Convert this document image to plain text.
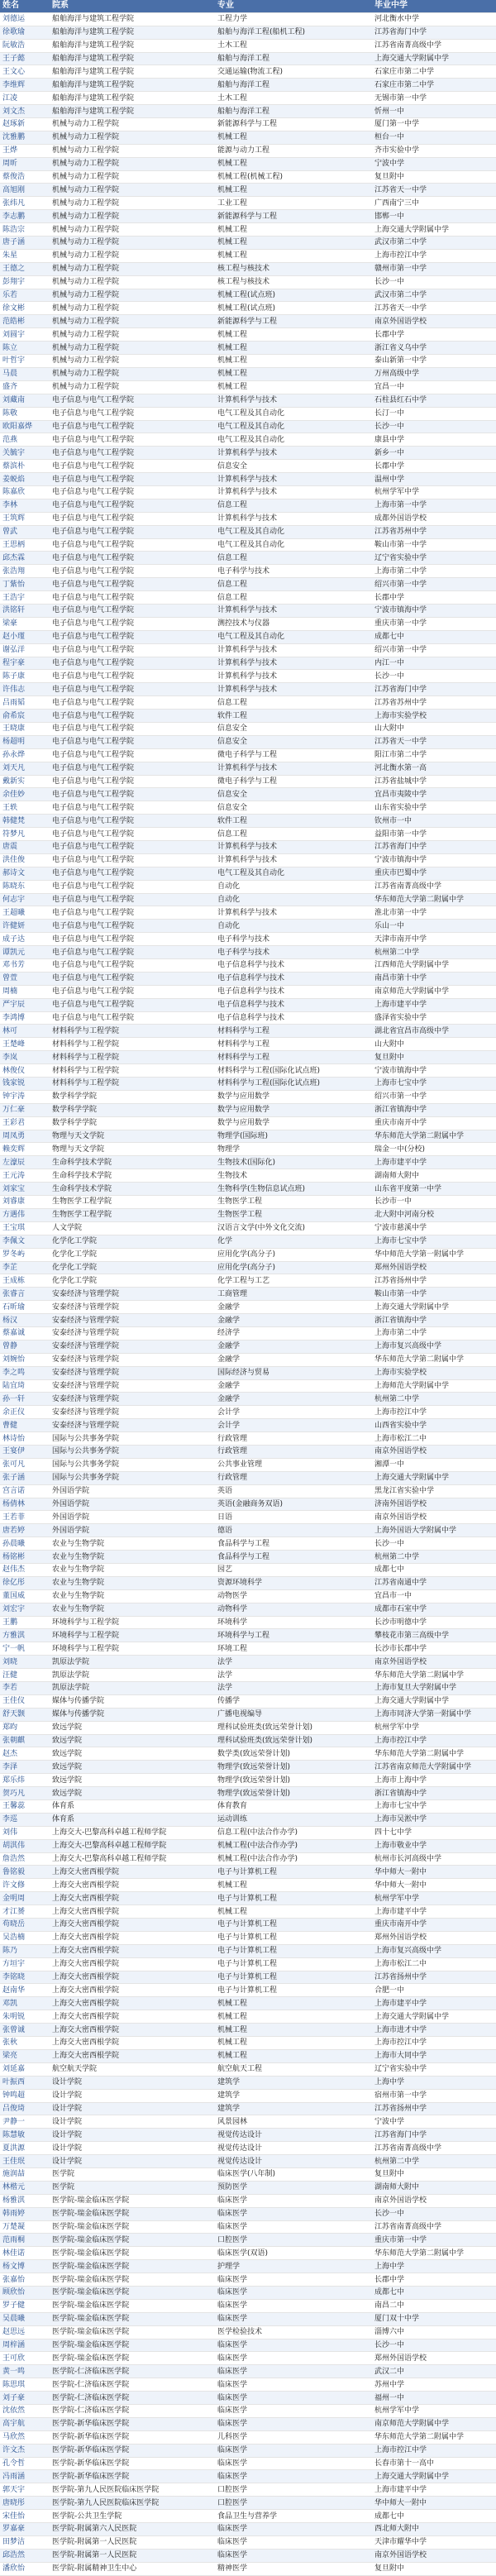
姓名	院系	专业	毕业中学
刘德运	船舶海洋与建筑工程学院	工程力学	河北衡水中学
徐歌瑜	船舶海洋与建筑工程学院	船舶与海洋工程(船机工程)	江苏省海门中学
阮敏浩	船舶海洋与建筑工程学院	土木工程	江苏省南菁高级中学
王子懿	船舶海洋与建筑工程学院	船舶与海洋工程	上海交通大学附属中学
王文心	船舶海洋与建筑工程学院	交通运输(物流工程)	石家庄市第二中学
李维辉	船舶海洋与建筑工程学院	船舶与海洋工程	石家庄市第二中学
江凌	船舶海洋与建筑工程学院	土木工程	无锡市第一中学
刘文杰	船舶海洋与建筑工程学院	船舶与海洋工程	忻州一中
赵琢新	机械与动力工程学院	新能源科学与工程	厦门第一中学
沈雅鹏	机械与动力工程学院	机械工程	桓台一中
王烨	机械与动力工程学院	能源与动力工程	齐市实验中学
周昕	机械与动力工程学院	机械工程	宁波中学
蔡俊浩	机械与动力工程学院	机械工程(机械工程)	复旦附中
高旭刚	机械与动力工程学院	机械工程	江苏省天一中学
张纬凡	机械与动力工程学院	工业工程	广西南宁三中
李志鹏	机械与动力工程学院	新能源科学与工程	邯郸一中
陈浩宗	机械与动力工程学院	机械工程	上海交通大学附属中学
唐子涵	机械与动力工程学院	机械工程	武汉市第二中学
朱星	机械与动力工程学院	机械工程	上海市控江中学
王德之	机械与动力工程学院	核工程与核技术	赣州市第一中学
彭翔宇	机械与动力工程学院	核工程与核技术	长沙一中
乐若	机械与动力工程学院	机械工程(试点班)	武汉市第二中学
徐文彬	机械与动力工程学院	机械工程(试点班)	江苏省天一中学
范皓彬	机械与动力工程学院	新能源科学与工程	南京外国语学校
刘圆宇	机械与动力工程学院	机械工程	长郡中学
陈立	机械与动力工程学院	机械工程	浙江省义乌中学
叶哲宇	机械与动力工程学院	机械工程	泰山新第一中学
马晨	机械与动力工程学院	机械工程	万州高级中学
盛齐	机械与动力工程学院	机械工程	宜昌一中
刘藏南	电子信息与电气工程学院	计算机科学与技术	石柱县红石中学
陈敬	电子信息与电气工程学院	电气工程及其自动化	长汀一中
欧阳嘉烨	电子信息与电气工程学院	电气工程及其自动化	长沙一中
范燕	电子信息与电气工程学院	电气工程及其自动化	康县中学
关毓宇	电子信息与电气工程学院	计算机科学与技术	新乡一中
蔡滨朴	电子信息与电气工程学院	信息安全	长郡中学
姜蜕焰	电子信息与电气工程学院	计算机科学与技术	温州中学
陈嘉欣	电子信息与电气工程学院	计算机科学与技术	杭州学军中学
李林	电子信息与电气工程学院	信息工程	上海市第一中学
王筑辉	电子信息与电气工程学院	计算机科学与技术	成都外国语学校
曾武	电子信息与电气工程学院	电气工程及其自动化	江苏省苏州中学
王思柄	电子信息与电气工程学院	电气工程及其自动化	鞍山市第一中学
邱杰霖	电子信息与电气工程学院	信息工程	辽宁省实验中学
张浩翔	电子信息与电气工程学院	电子科学与技术	上海市第二中学
丁紫怡	电子信息与电气工程学院	信息工程	绍兴市第一中学
王浩宇	电子信息与电气工程学院	信息工程	长郡中学
洪铭轩	电子信息与电气工程学院	计算机科学与技术	宁波市镇海中学
梁豪	电子信息与电气工程学院	测控技术与仪器	重庆市第一中学
赵小瑾	电子信息与电气工程学院	电气工程及其自动化	成都七中
谢弘洋	电子信息与电气工程学院	计算机科学与技术	绍兴市第一中学
程宇豪	电子信息与电气工程学院	计算机科学与技术	内江一中
陈子康	电子信息与电气工程学院	计算机科学与技术	长沙一中
许伟志	电子信息与电气工程学院	计算机科学与技术	江苏省海门中学
吕雨韬	电子信息与电气工程学院	信息工程	江苏省苏州中学
俞希宸	电子信息与电气工程学院	软件工程	上海市实验学校
王晓康	电子信息与电气工程学院	信息安全	山大附中
杨超明	电子信息与电气工程学院	信息安全	江苏省天一中学
孙永烨	电子信息与电气工程学院	微电子科学与工程	阳江市第二中学
刘天凡	电子信息与电气工程学院	计算机科学与技术	河北衡水第一高
戴新实	电子信息与电气工程学院	微电子科学与工程	江苏省盐城中学
余佳妙	电子信息与电气工程学院	信息安全	宜昌市夷陵中学
王轶	电子信息与电气工程学院	信息安全	山东省实验中学
韩健梵	电子信息与电气工程学院	软件工程	钦州市一中
符梦凡	电子信息与电气工程学院	信息工程	益阳市第一中学
唐震	电子信息与电气工程学院	计算机科学与技术	江苏省海门中学
洪佳俊	电子信息与电气工程学院	计算机科学与技术	宁波市镇海中学
郝诗文	电子信息与电气工程学院	电气工程及其自动化	重庆市巴蜀中学
陈晓东	电子信息与电气工程学院	自动化	江苏省南菁高级中学
何志宇	电子信息与电气工程学院	自动化	华东师范大学第二附属中学
王超曦	电子信息与电气工程学院	计算机科学与技术	淮北市第一中学
许健妍	电子信息与电气工程学院	自动化	乐山一中
成子达	电子信息与电气工程学院	电子科学与技术	天津市南开中学
谭凯元	电子信息与电气工程学院	电子科学与技术	杭州第二中学
邓书芳	电子信息与电气工程学院	电子信息科学与技术	江西师范大学附属中学
曾萱	电子信息与电气工程学院	电子信息科学与技术	南昌市第十中学
周楠	电子信息与电气工程学院	电子信息科学与技术	南京师范大学附属中学
严宇辰	电子信息与电气工程学院	电子信息科学与技术	上海市建平中学
李鸿博	电子信息与电气工程学院	电子信息科学与技术	盛泽省实验中学
林可	材料科学与工程学院	材料科学与工程	湖北省宜昌市高级中学
王楚峰	材料科学与工程学院	材料科学与工程	山大附中
李岚	材料科学与工程学院	材料科学与工程	复旦附中
林俊仪	材料科学与工程学院	材料科学与工程(国际化试点班)	宁波市镇海中学
钱家锐	材料科学与工程学院	材料科学与工程(国际化试点班)	上海市七宝中学
钟宇涛	数学科学学院	数学与应用数学	绍兴市第一中学
万仁豪	数学科学学院	数学与应用数学	浙江省镇海中学
王彩君	数学科学学院	数学与应用数学	重庆市南开中学
周凤勇	物理与天文学院	物理学(国际班)	华东师范大学第二附属中学
赖奕辉	物理与天文学院	物理学	瑞金一中(分校)
左濠辰	生命科学技术学院	生物技术(国际化)	上海市建平中学
王元涛	生命科学技术学院	生物技术	湖南师大附中
刘家宝	生命科学技术学院	生物科学(生物信息试点班)	山东省平度第一中学
刘睿康	生物医学工程学院	生物医学工程	长沙市一中
方遇伟	生物医学工程学院	生物医学工程	北大附中河南分校
王宝琪	人文学院	汉语言文学(中外文化交流)	宁波市慈溪中学
李佩文	化学化工学院	化学	上海市七宝中学
罗冬屿	化学化工学院	应用化学(高分子)	华中师范大学第一附属中学
李芷	化学化工学院	应用化学(高分子)	郑州外国语学校
王成栋	化学化工学院	化学工程与工艺	江苏省扬州中学
张睿言	安泰经济与管理学院	工商管理	鞍山市第一中学
石昕瑜	安泰经济与管理学院	金融学	上海交通大学附属中学
杨汉	安泰经济与管理学院	金融学	浙江省镇海中学
蔡嘉诚	安泰经济与管理学院	经济学	上海市第二中学
曾静	安泰经济与管理学院	金融学	上海市复兴高级中学
刘婉怡	安泰经济与管理学院	金融学	华东师范大学第二附属中学
李之鸣	安泰经济与管理学院	国际经济与贸易	上海市实验学校
陆宜琦	安泰经济与管理学院	金融学	上海师范大学附属中学
孙一轩	安泰经济与管理学院	金融学	杭州第二中学
余正仪	安泰经济与管理学院	会计学	上海市控江中学
曹健	安泰经济与管理学院	会计学	山西省实验中学
林诗怡	国际与公共事务学院	行政管理	上海市松江二中
王宴伊	国际与公共事务学院	行政管理	南京外国语学校
张可凡	国际与公共事务学院	公共事业管理	湘潭一中
张子涵	国际与公共事务学院	行政管理	上海交通大学附属中学
宫言诺	外国语学院	英语	黑龙江省实验中学
杨倩林	外国语学院	英语(金融商务双语)	济南外国语学校
王若菲	外国语学院	日语	南京外国语学校
唐若婷	外国语学院	德语	上海外国语大学附属中学
孙晨曦	农业与生物学院	食品科学与工程	长沙一中
杨铭彬	农业与生物学院	食品科学与工程	杭州第二中学
赵伟杰	农业与生物学院	园艺	成都七中
徐亿彤	农业与生物学院	资源环境科学	江苏省南通中学
董国威	农业与生物学院	动物医学	宜昌市一中
刘宏宇	农业与生物学院	动物科学	成都市石室中学
王鹏	环境科学与工程学院	环境科学	长沙市明德中学
方雅淇	环境科学与工程学院	环境科学与工程	攀枝花市第三高级中学
宁一帆	环境科学与工程学院	环境工程	长沙市长郡中学
刘晓	凯原法学院	法学	南京外国语学校
汪健	凯原法学院	法学	华东师范大学第二附属中学
李若	凯原法学院	法学	上海市复旦大学附属中学
王佳仪	媒体与传播学院	传播学	上海交通大学附属中学
舒天颢	媒体与传播学院	广播电视编导	上海市同济大学第一附属中学
郑昀	致远学院	理科试验班类(致远荣誉计划)	杭州学军中学
张朝麒	致远学院	理科试验班类(致远荣誉计划)	上海市控江中学
赵杰	致远学院	数学类(致远荣誉计划)	华东师范大学第二附属中学
李泽	致远学院	物理学(致远荣誉计划)	江苏省南京师范大学附属中学
郑乐炜	致远学院	物理学(致远荣誉计划)	上海市上海中学
贺巧凡	致远学院	物理学(致远荣誉计划)	浙江省镇海中学
王馨蕊	体育系	体育教育	上海市七宝中学
李巡	体育系	运动训练	上海市吴淞中学
刘伟	上海交大-巴黎高科卓越工程师学院	信息工程(中法合作办学)	四十七中学
胡淇伟	上海交大-巴黎高科卓越工程师学院	机械工程(中法合作办学)	上海市敬业中学
詹浩然	上海交大-巴黎高科卓越工程师学院	机械工程(中法合作办学)	杭州市长河高级中学
鲁铭毅	上海交大密西根学院	电子与计算机工程	华中师大一附中
许文修	上海交大密西根学院	机械工程	华中师大一附中
金明周	上海交大密西根学院	电子与计算机工程	杭州学军中学
才江赟	上海交大密西根学院	机械工程	上海市建平中学
苟晓岳	上海交大密西根学院	电子与计算机工程	重庆市南开中学
吴浩楠	上海交大密西根学院	电子与计算机工程	郑州外国语学校
陈乃	上海交大密西根学院	电子与计算机工程	上海市复兴高级中学
方垣宇	上海交大密西根学院	电子与计算机工程	上海市松江二中
李铭晓	上海交大密西根学院	电子与计算机工程	江苏省扬州中学
赵南华	上海交大密西根学院	电子与计算机工程	合肥一中
邓凯	上海交大密西根学院	机械工程	上海市建平中学
朱明锐	上海交大密西根学院	机械工程	上海交通大学附属中学
张曾诚	上海交大密西根学院	机械工程	上海市进才中学
张秋	上海交大密西根学院	机械工程	上海市控江中学
梁亮	上海交大密西根学院	机械工程	上海市大同中学
刘延嘉	航空航天学院	航空航天工程	辽宁省实验中学
叶振西	设计学院	建筑学	上海中学
钟鸣超	设计学院	建筑学	宿州市第一中学
吕俊琦	设计学院	建筑学	江苏省扬州中学
尹静一	设计学院	风景园林	宁波中学
陈慧敏	设计学院	视觉传达设计	江苏省海门中学
夏洪源	设计学院	视觉传达设计	江苏省南菁高级中学
王佳珉	设计学院	视觉传达设计	杭州第二中学
施润喆	医学院	临床医学(八年制)	复旦附中
林楷元	医学院	预防医学	湖南师大附中
杨雅淇	医学院-瑞金临床医学院	临床医学	南京外国语学校
韩雨婷	医学院-瑞金临床医学院	临床医学	长沙一中
万楚凝	医学院-瑞金临床医学院	临床医学	江苏省南菁高级中学
范雨桐	医学院-瑞金临床医学院	口腔医学	重庆市第一中学
林佳诺	医学院-瑞金临床医学院	临床医学(双语)	华东师范大学第二附属中学
杨文博	医学院-瑞金临床医学院	护理学	上海中学
张嘉怡	医学院-瑞金临床医学院	临床医学	长郡中学
顾欣怡	医学院-瑞金临床医学院	临床医学	成都七中
罗子健	医学院-瑞金临床医学院	临床医学	南昌二中
吴晨曦	医学院-瑞金临床医学院	临床医学	厦门双十中学
赵思远	医学院-瑞金临床医学院	医学检验技术	淄博六中
周梓涵	医学院-瑞金临床医学院	临床医学	长沙一中
王可欣	医学院-瑞金临床医学院	临床医学	郑州外国语学校
黄一鸣	医学院-仁济临床医学院	临床医学	武汉二中
陈思琪	医学院-仁济临床医学院	临床医学	苏州中学
刘子豪	医学院-仁济临床医学院	临床医学	福州一中
沈依然	医学院-仁济临床医学院	临床医学	杭州学军中学
高宇航	医学院-新华临床医学院	临床医学	南京师范大学附属中学
马欣然	医学院-新华临床医学院	儿科医学	华东师范大学第二附属中学
许文杰	医学院-新华临床医学院	临床医学	上海市控江中学
孔令哲	医学院-新华临床医学院	临床医学	长春市第十一高中
冯雨涵	医学院-新华临床医学院	临床医学	上海交通大学附属中学
郭天宇	医学院-第九人民医院临床医学院	口腔医学	上海市建平中学
唐晓彤	医学院-第九人民医院临床医学院	口腔医学	华中师大一附中
宋佳怡	医学院-公共卫生学院	食品卫生与营养学	成都七中
罗嘉豪	医学院-附属第六人民医院	临床医学	西北师大附中
田梦洁	医学院-附属第一人民医院	临床医学	天津市耀华中学
邱浩然	医学院-附属第一人民医院	临床医学	南京外国语学校
潘欣怡	医学院-附属精神卫生中心	精神医学	复旦附中
